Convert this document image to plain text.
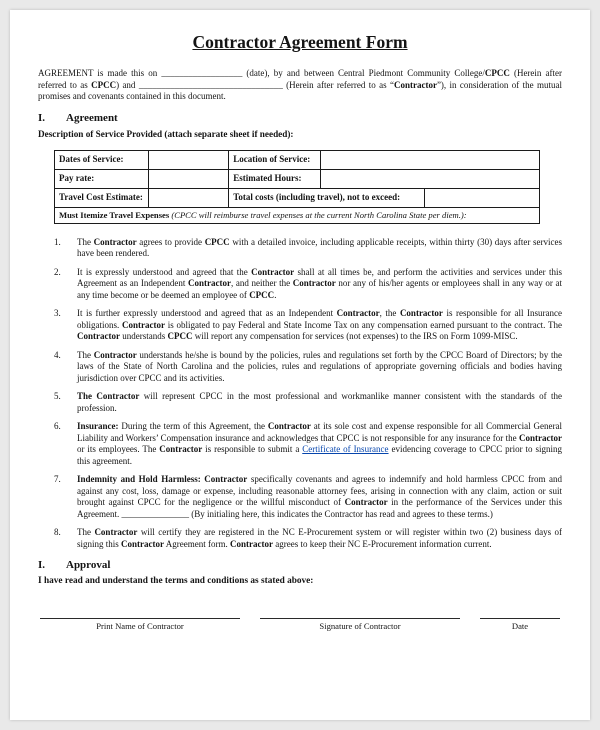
Contractor Agreement Form

AGREEMENT is made this on __________________ (date), by and between Central Piedmont Community College/CPCC (Herein after referred to as CPCC) and ________________________________ (Herein after referred to as “Contractor”), in consideration of the mutual promises and covenants contained in this document.

I. Agreement

Description of Service Provided (attach separate sheet if needed):

Dates of Service:	Location of Service:
Pay rate:	Estimated Hours:
Travel Cost Estimate:	Total costs (including travel), not to exceed:
Must Itemize Travel Expenses (CPCC will reimburse travel expenses at the current North Carolina State per diem.):
1.	The Contractor agrees to provide CPCC with a detailed invoice, including applicable receipts, within thirty (30) days after services have been rendered.
2.	It is expressly understood and agreed that the Contractor shall at all times be, and perform the activities and services under this Agreement as an Independent Contractor, and neither the Contractor nor any of his/her agents or employees shall in any way or at any time become or be deemed an employee of CPCC.
3.	It is further expressly understood and agreed that as an Independent Contractor, the Contractor is responsible for all Insurance obligations. Contractor is obligated to pay Federal and State Income Tax on any compensation earned pursuant to the contract. The Contractor understands CPCC will report any compensation for services (not expenses) to the IRS on Form 1099-MISC.
4.	The Contractor understands he/she is bound by the policies, rules and regulations set forth by the CPCC Board of Directors; by the laws of the State of North Carolina and the policies, rules and regulations of appropriate governing officials and bodies having jurisdiction over CPCC and its activities.
5.	The Contractor will represent CPCC in the most professional and workmanlike manner consistent with the standards of the profession.
6.	Insurance: During the term of this Agreement, the Contractor at its sole cost and expense responsible for all Commercial General Liability and Workers’ Compensation insurance and acknowledges that CPCC is not responsible for any insurance for the Contractor or its employees. The Contractor is responsible to submit a Certificate of Insurance evidencing coverage to CPCC prior to signing this agreement.
7.	Indemnity and Hold Harmless: Contractor specifically covenants and agrees to indemnify and hold harmless CPCC from and against any cost, loss, damage or expense, including reasonable attorney fees, arising in connection with any claim, action or suit brought against CPCC for the negligence or the willful misconduct of Contractor in the performance of the Services under this Agreement. _______________ (By initialing here, this indicates the Contractor has read and agrees to these terms.)
8.	The Contractor will certify they are registered in the NC E-Procurement system or will register within two (2) business days of signing this Contractor Agreement form. Contractor agrees to keep their NC E-Procurement information current.
I. Approval

I have read and understand the terms and conditions as stated above:

Print Name of Contractor	Signature of Contractor	Date
